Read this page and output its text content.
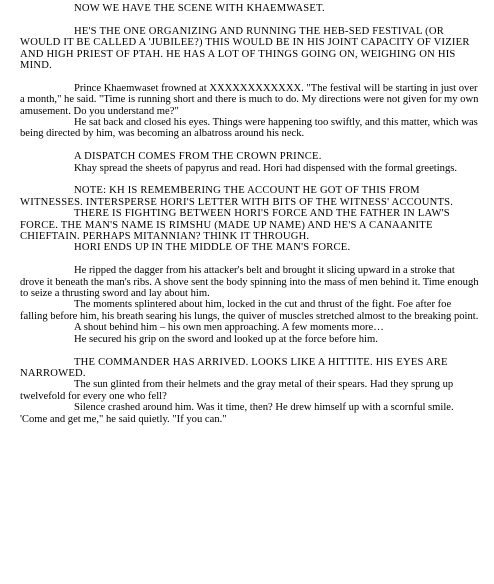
NOW WE HAVE THE SCENE WITH KHAEMWASET.

HE'S THE ONE ORGANIZING AND RUNNING THE HEB-SED FESTIVAL (OR WOULD IT BE CALLED A 'JUBILEE?) THIS WOULD BE IN HIS JOINT CAPACITY OF VIZIER AND HIGH PRIEST OF PTAH. HE HAS A LOT OF THINGS GOING ON, WEIGHING ON HIS MIND.

Prince Khaemwaset frowned at XXXXXXXXXXXX. "The festival will be starting in just over a month," he said. "Time is running short and there is much to do. My directions were not given for my own amusement. Do you understand me?"

He sat back and closed his eyes. Things were happening too swiftly, and this matter, which was being directed by him, was becoming an albatross around his neck.

A DISPATCH COMES FROM THE CROWN PRINCE.

Khay spread the sheets of papyrus and read. Hori had dispensed with the formal greetings.

NOTE: KH IS REMEMBERING THE ACCOUNT HE GOT OF THIS FROM WITNESSES. INTERSPERSE HORI'S LETTER WITH BITS OF THE WITNESS' ACCOUNTS.

THERE IS FIGHTING BETWEEN HORI'S FORCE AND THE FATHER IN LAW'S FORCE. THE MAN'S NAME IS RIMSHU (MADE UP NAME) AND HE'S A CANAANITE CHIEFTAIN. PERHAPS MITANNIAN? THINK IT THROUGH.

HORI ENDS UP IN THE MIDDLE OF THE MAN'S FORCE.

He ripped the dagger from his attacker's belt and brought it slicing upward in a stroke that drove it beneath the man's ribs. A shove sent the body spinning into the mass of men behind it. Time enough to seize a thrusting sword and lay about him.

The moments splintered about him, locked in the cut and thrust of the fight. Foe after foe falling before him, his breath searing his lungs, the quiver of muscles stretched almost to the breaking point.

A shout behind him – his own men approaching. A few moments more…

He secured his grip on the sword and looked up at the force before him.

THE COMMANDER HAS ARRIVED. LOOKS LIKE A HITTITE. HIS EYES ARE NARROWED.

The sun glinted from their helmets and the gray metal of their spears. Had they sprung up twelvefold for every one who fell?

Silence crashed around him. Was it time, then? He drew himself up with a scornful smile. 'Come and get me," he said quietly. "If you can."
